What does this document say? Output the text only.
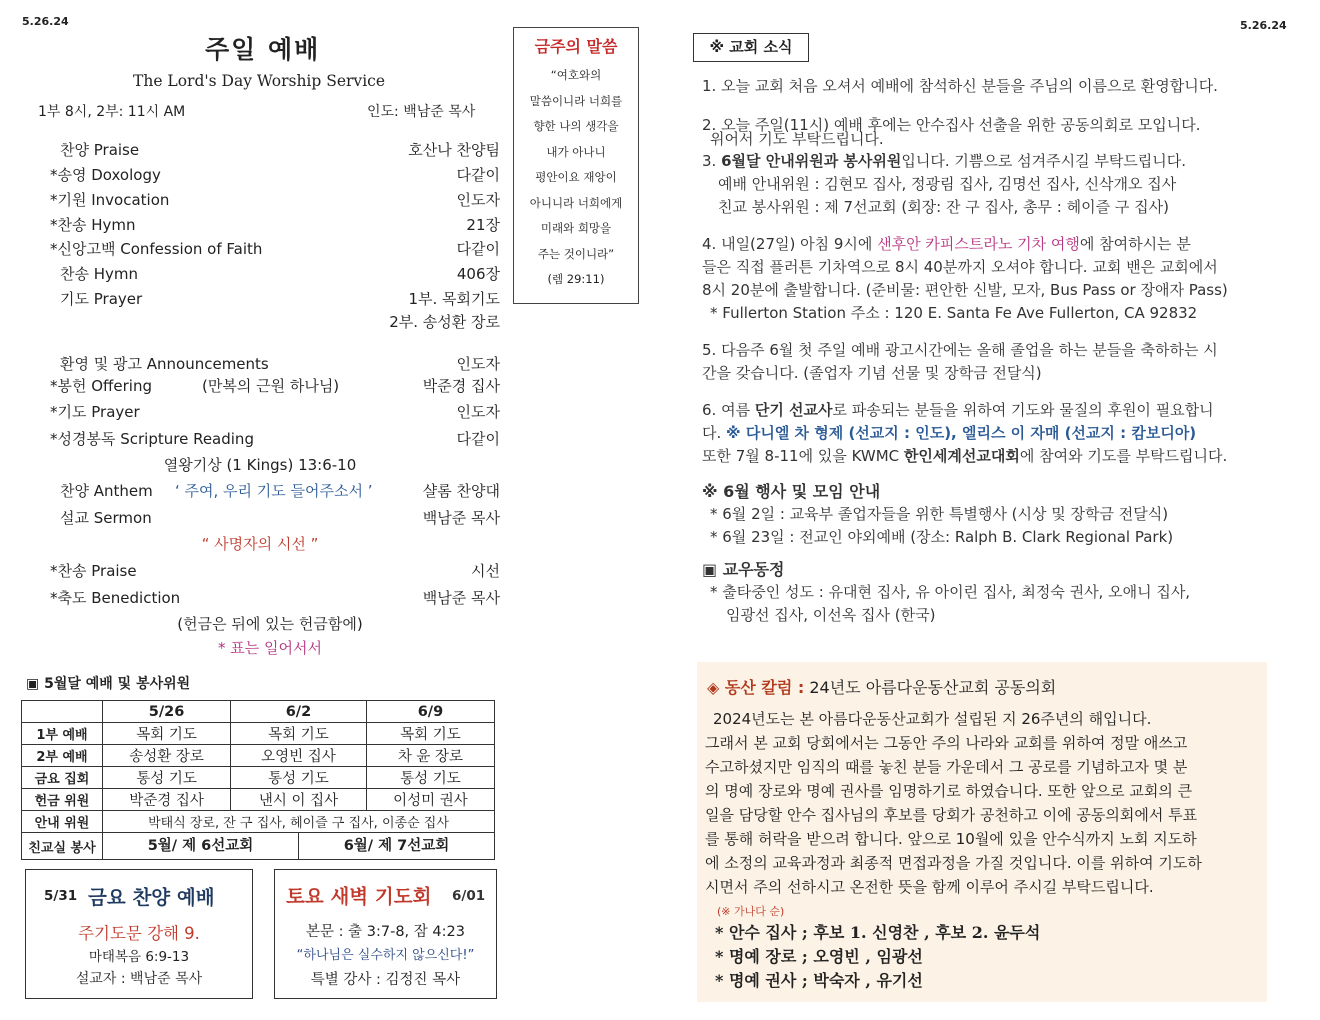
5.26.24
주일 예배
The Lord's Day Worship Service
1부 8시, 2부: 11시 AM	인도: 백남준 목사
찬양 Praise	호산나 찬양팀
*송영 Doxology	다같이
*기원 Invocation	인도자
*찬송 Hymn	21장
*신앙고백 Confession of Faith	다같이
찬송 Hymn	406장
기도 Prayer	1부. 목회기도
2부. 송성환 장로
환영 및 광고 Announcements	인도자
*봉헌 Offering	(만복의 근원 하나님)	박준경 집사
*기도 Prayer	인도자
*성경봉독 Scripture Reading	다같이
열왕기상 (1 Kings) 13:6-10
찬양 Anthem ‘ 주여, 우리 기도 들어주소서 ’	샬롬 찬양대
설교 Sermon	백남준 목사
“ 사명자의 시선 ”
*찬송 Praise	시선
*축도 Benediction	백남준 목사
(헌금은 뒤에 있는 헌금함에)
* 표는 일어서서
금주의 말씀
“여호와의
말씀이니라 너희를
향한 나의 생각을
내가 아나니
평안이요 재앙이
아니니라 너희에게
미래와 희망을
주는 것이니라”
(렘 29:11)
▣ 5월달 예배 및 봉사위원
	5/26	6/2	6/9
1부 예배	목회 기도	목회 기도	목회 기도
2부 예배	송성환 장로	오영빈 집사	차 윤 장로
금요 집회	통성 기도	통성 기도	통성 기도
헌금 위원	박준경 집사	낸시 이 집사	이성미 권사
안내 위원	박태식 장로, 잔 구 집사, 헤이즐 구 집사, 이종순 집사		
친교실 봉사	5월/ 제 6선교회 6월/ 제 7선교회		
5/31 금요 찬양 예배
주기도문 강해 9.
마태복음 6:9-13
설교자 : 백남준 목사
토요 새벽 기도회 6/01
본문 : 출 3:7-8, 잠 4:23
“하나님은 실수하지 않으신다!”
특별 강사 : 김정진 목사
5.26.24
※ 교회 소식
1. 오늘 교회 처음 오셔서 예배에 참석하신 분들을 주님의 이름으로 환영합니다.
2. 오늘 주일(11시) 예배 후에는 안수집사 선출을 위한 공동의회로 모입니다.
위어서 기도 부탁드립니다.
3. 6월달 안내위원과 봉사위원입니다. 기쁨으로 섬겨주시길 부탁드립니다.
예배 안내위원 : 김현모 집사, 정광림 집사, 김명선 집사, 신삭개오 집사
친교 봉사위원 : 제 7선교회 (회장: 잔 구 집사, 총무 : 헤이즐 구 집사)
4. 내일(27일) 아침 9시에 샌후안 카피스트라노 기차 여행에 참여하시는 분
들은 직접 플러튼 기차역으로 8시 40분까지 오셔야 합니다. 교회 밴은 교회에서
8시 20분에 출발합니다. (준비물: 편안한 신발, 모자, Bus Pass or 장애자 Pass)
* Fullerton Station 주소 : 120 E. Santa Fe Ave Fullerton, CA 92832
5. 다음주 6월 첫 주일 예배 광고시간에는 올해 졸업을 하는 분들을 축하하는 시
간을 갖습니다. (졸업자 기념 선물 및 장학금 전달식)
6. 여름 단기 선교사로 파송되는 분들을 위하여 기도와 물질의 후원이 필요합니
다. ※ 다니엘 차 형제 (선교지 : 인도), 엘리스 이 자매 (선교지 : 캄보디아)
또한 7월 8-11에 있을 KWMC 한인세계선교대회에 참여와 기도를 부탁드립니다.
※ 6월 행사 및 모임 안내
* 6월 2일 : 교육부 졸업자들을 위한 특별행사 (시상 및 장학금 전달식)
* 6월 23일 : 전교인 야외예배 (장소: Ralph B. Clark Regional Park)
▣ 교우동정
* 출타중인 성도 : 유대현 집사, 유 아이린 집사, 최정숙 권사, 오애니 집사,
임광선 집사, 이선옥 집사 (한국)
◈ 동산 칼럼 : 24년도 아름다운동산교회 공동의회
2024년도는 본 아름다운동산교회가 설립된 지 26주년의 해입니다.
그래서 본 교회 당회에서는 그동안 주의 나라와 교회를 위하여 정말 애쓰고
수고하셨지만 임직의 때를 놓친 분들 가운데서 그 공로를 기념하고자 몇 분
의 명예 장로와 명예 권사를 임명하기로 하였습니다. 또한 앞으로 교회의 큰
일을 담당할 안수 집사님의 후보를 당회가 공천하고 이에 공동의회에서 투표
를 통해 허락을 받으려 합니다. 앞으로 10월에 있을 안수식까지 노회 지도하
에 소정의 교육과정과 최종적 면접과정을 가질 것입니다. 이를 위하여 기도하
시면서 주의 선하시고 온전한 뜻을 함께 이루어 주시길 부탁드립니다.
(※ 가나다 순)
* 안수 집사 ; 후보 1. 신영찬 , 후보 2. 윤두석
* 명예 장로 ; 오영빈 , 임광선
* 명예 권사 ; 박숙자 , 유기선
